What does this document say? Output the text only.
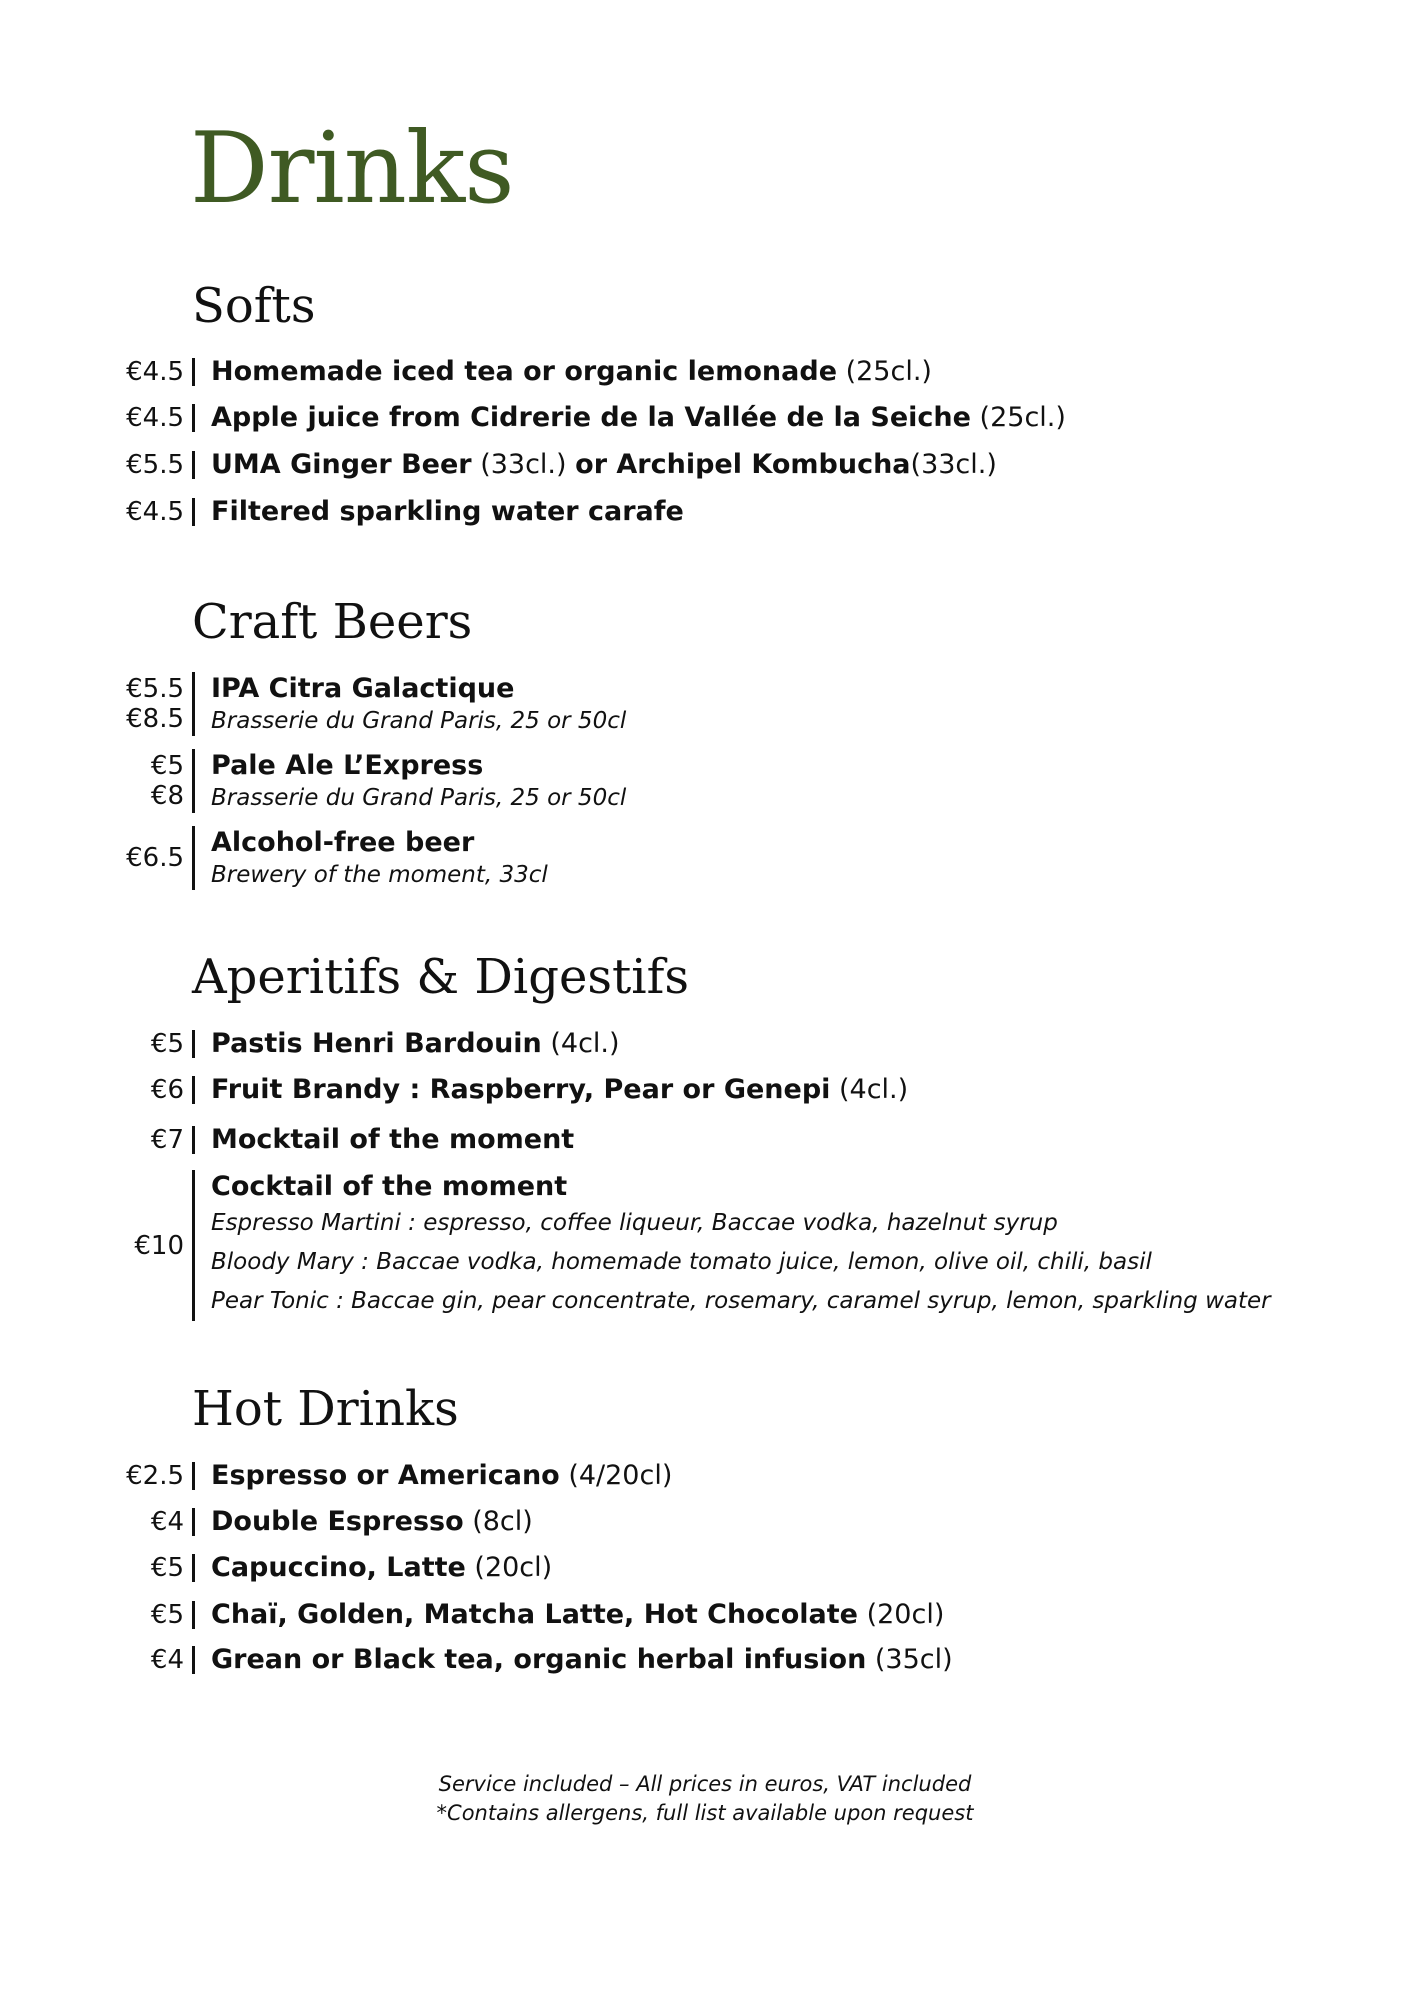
Drinks
Softs
€4.5 Homemade iced tea or organic lemonade (25cl.)
€4.5 Apple juice from Cidrerie de la Vallée de la Seiche (25cl.)
€5.5 UMA Ginger Beer (33cl.) or Archipel Kombucha(33cl.)
€4.5 Filtered sparkling water carafe
Craft Beers
€5.5
€8.5
IPA Citra Galactique
Brasserie du Grand Paris, 25 or 50cl
€5
€8
Pale Ale L’Express
Brasserie du Grand Paris, 25 or 50cl
€6.5 Alcohol-free beer
Brewery of the moment, 33cl
Aperitifs & Digestifs
€5 Pastis Henri Bardouin (4cl.)
€6 Fruit Brandy : Raspberry, Pear or Genepi (4cl.)
€7 Mocktail of the moment
€10
Cocktail of the moment
Espresso Martini : espresso, coffee liqueur, Baccae vodka, hazelnut syrup
Bloody Mary : Baccae vodka, homemade tomato juice, lemon, olive oil, chili, basil
Pear Tonic : Baccae gin, pear concentrate, rosemary, caramel syrup, lemon, sparkling water
Hot Drinks
€2.5 Espresso or Americano (4/20cl)
€4 Double Espresso (8cl)
€5 Capuccino, Latte (20cl)
€5 Chaï, Golden, Matcha Latte, Hot Chocolate (20cl)
€4 Grean or Black tea, organic herbal infusion (35cl)
Service included – All prices in euros, VAT included
*Contains allergens, full list available upon request
